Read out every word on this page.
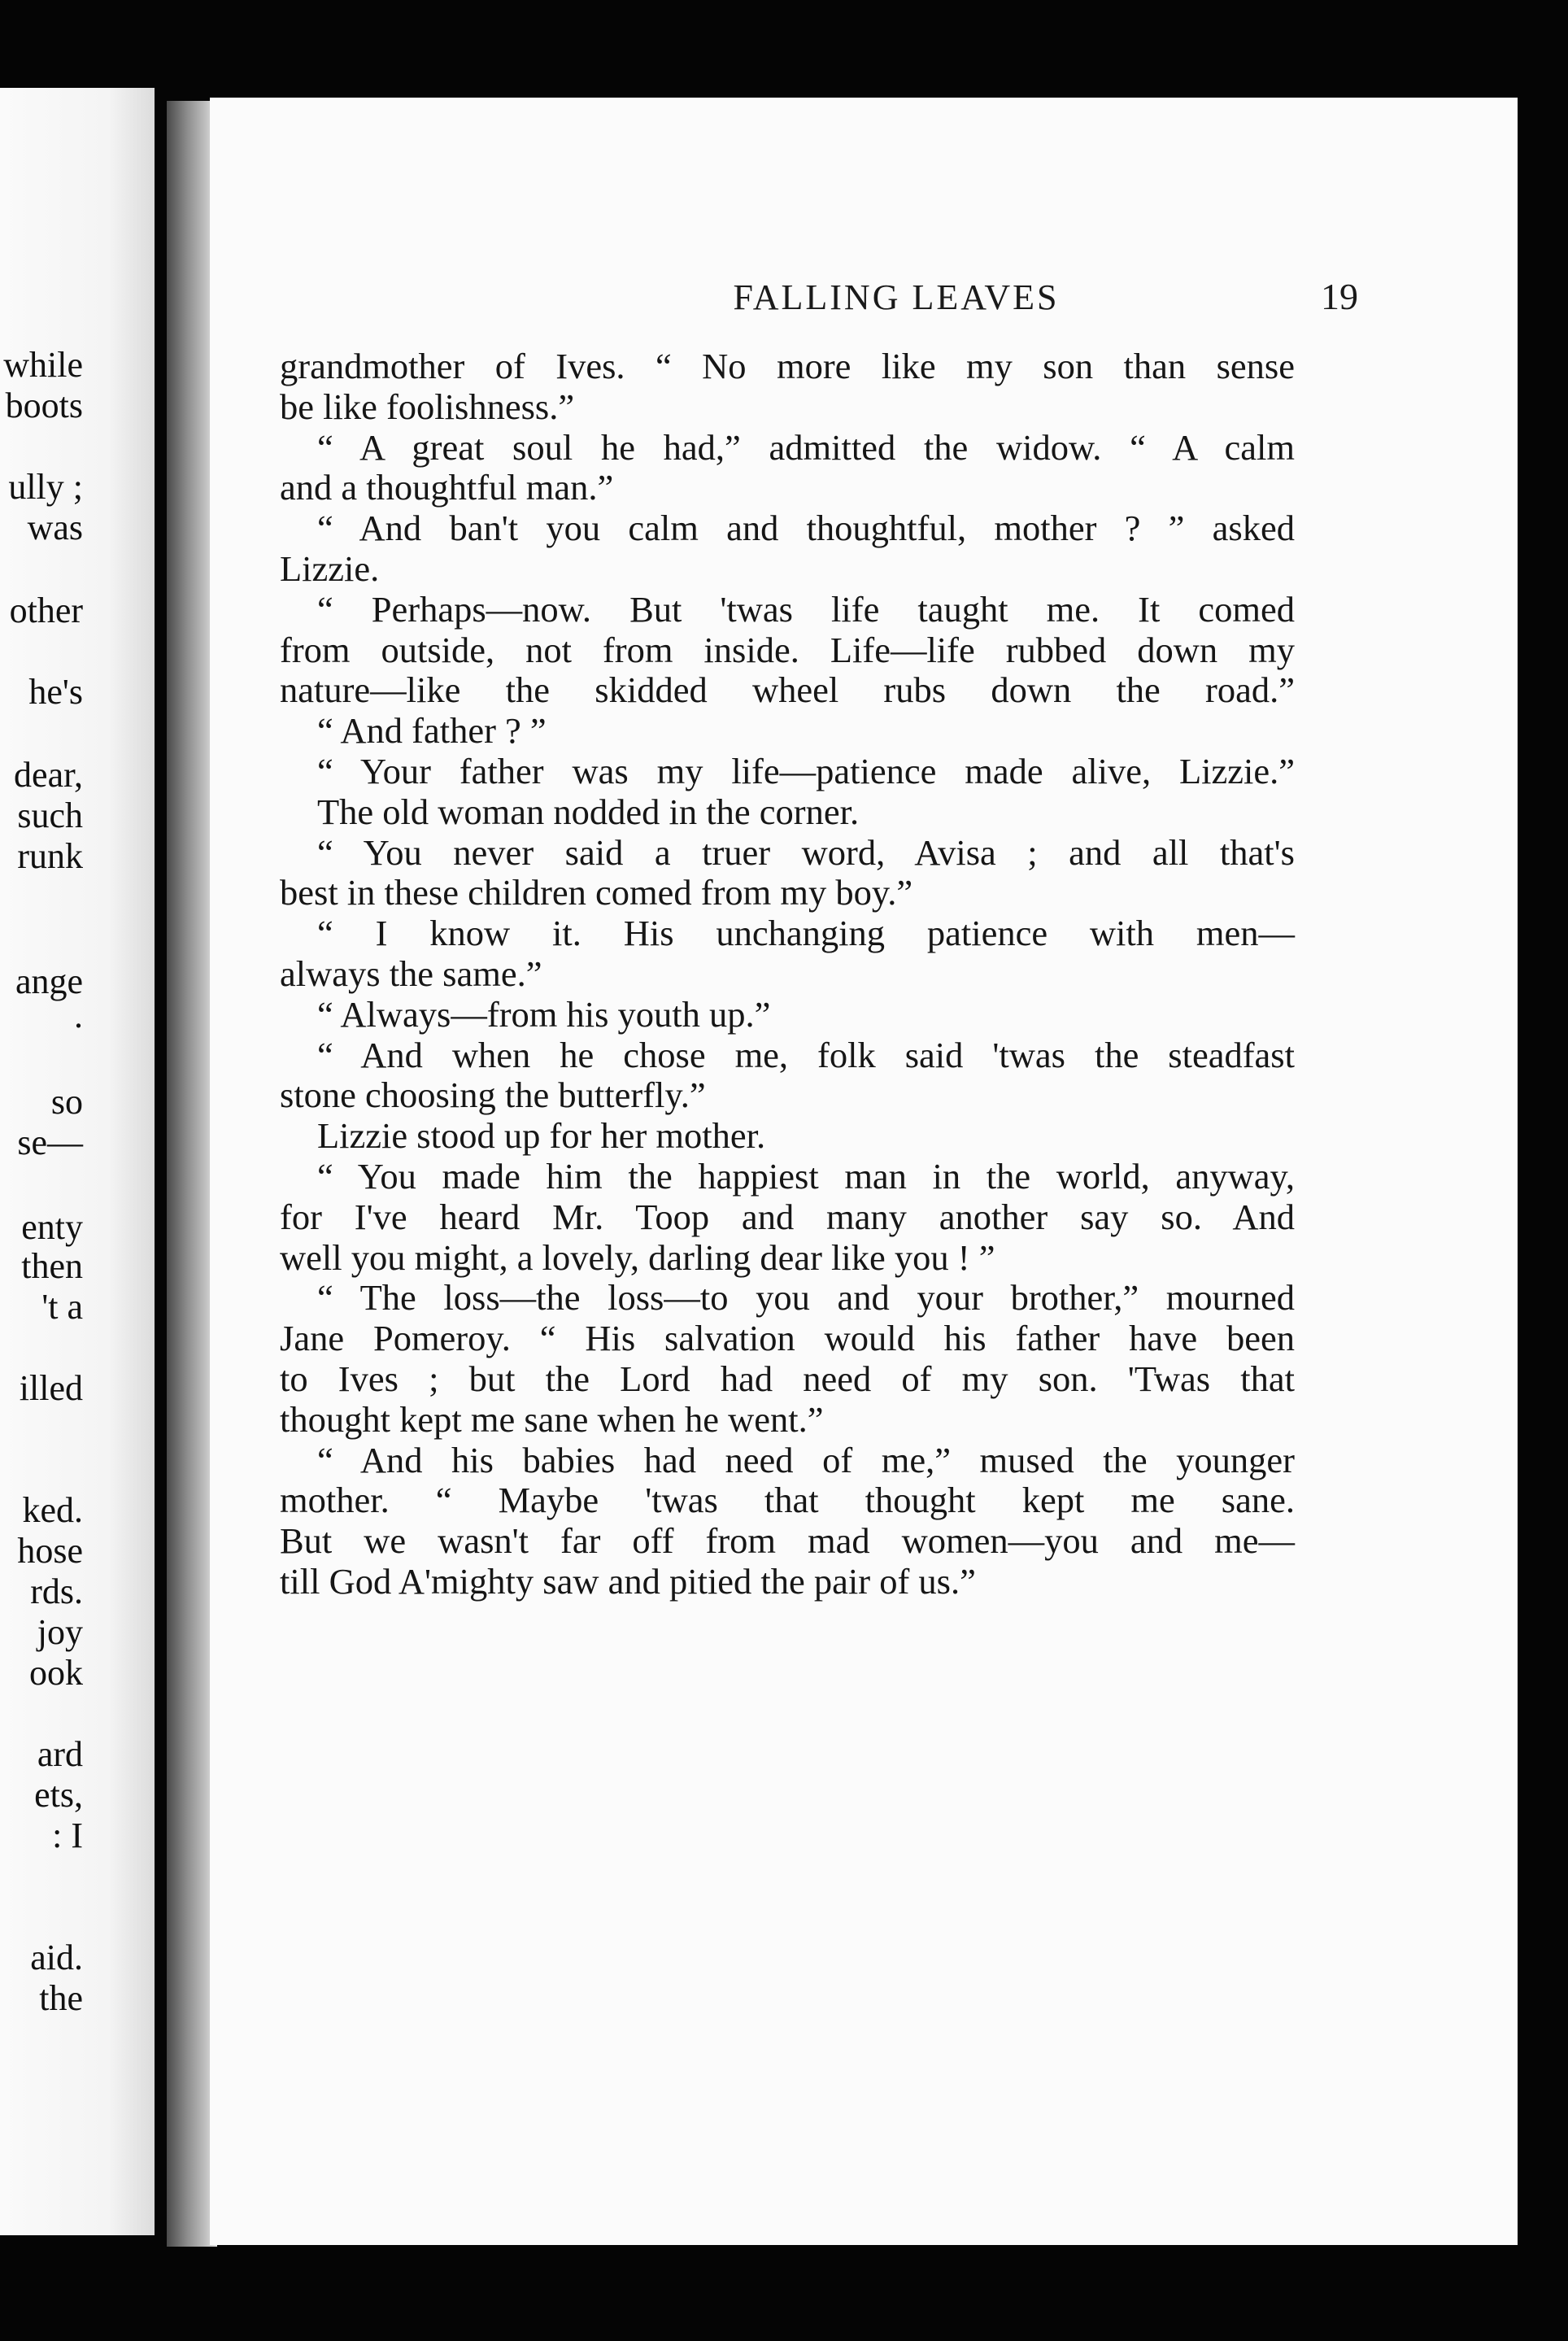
while
boots
ully ;
was
other
he's
dear,
such
runk
ange
.
so
se—
enty
then
't a
illed
ked.
hose
rds.
joy
ook
ard
ets,
: I
aid.
the
FALLING LEAVES	19
grandmother of Ives. “ No more like my son than sense
be like foolishness.”
“ A great soul he had,” admitted the widow. “ A calm
and a thoughtful man.”
“ And ban't you calm and thoughtful, mother ? ” asked
Lizzie.
“ Perhaps—now. But 'twas life taught me. It comed
from outside, not from inside. Life—life rubbed down my
nature—like the skidded wheel rubs down the road.”
“ And father ? ”
“ Your father was my life—patience made alive, Lizzie.”
The old woman nodded in the corner.
“ You never said a truer word, Avisa ; and all that's
best in these children comed from my boy.”
“ I know it. His unchanging patience with men—
always the same.”
“ Always—from his youth up.”
“ And when he chose me, folk said 'twas the steadfast
stone choosing the butterfly.”
Lizzie stood up for her mother.
“ You made him the happiest man in the world, anyway,
for I've heard Mr. Toop and many another say so. And
well you might, a lovely, darling dear like you ! ”
“ The loss—the loss—to you and your brother,” mourned
Jane Pomeroy. “ His salvation would his father have been
to Ives ; but the Lord had need of my son. 'Twas that
thought kept me sane when he went.”
“ And his babies had need of me,” mused the younger
mother. “ Maybe 'twas that thought kept me sane.
But we wasn't far off from mad women—you and me—
till God A'mighty saw and pitied the pair of us.”
